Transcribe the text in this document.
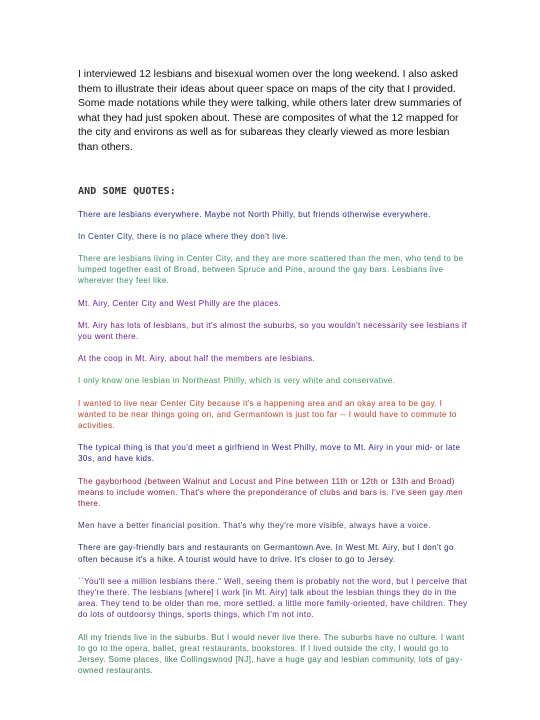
I interviewed 12 lesbians and bisexual women over the long weekend. I also asked them to illustrate their ideas about queer space on maps of the city that I provided. Some made notations while they were talking, while others later drew summaries of what they had just spoken about. These are composites of what the 12 mapped for the city and environs as well as for subareas they clearly viewed as more lesbian than others.

AND SOME QUOTES:

There are lesbians everywhere. Maybe not North Philly, but friends otherwise everywhere.

In Center City, there is no place where they don't live.

There are lesbians living in Center City, and they are more scattered than the men, who tend to be lumped together east of Broad, between Spruce and Pine, around the gay bars. Lesbians live wherever they feel like.

Mt. Airy, Center City and West Philly are the places.

Mt. Airy has lots of lesbians, but it's almost the suburbs, so you wouldn't necessarily see lesbians if you went there.

At the coop in Mt. Airy, about half the members are lesbians.

I only know one lesbian in Northeast Philly, which is very white and conservative.

I wanted to live near Center City because it's a happening area and an okay area to be gay. I wanted to be near things going on, and Germantown is just too far -- I would have to commute to activities.

The typical thing is that you'd meet a girlfriend in West Philly, move to Mt. Airy in your mid- or late 30s, and have kids.

The gayborhood (between Walnut and Locust and Pine between 11th or 12th or 13th and Broad) means to include women. That's where the preponderance of clubs and bars is. I've seen gay men there.

Men have a better financial position. That's why they're more visible, always have a voice.

There are gay-friendly bars and restaurants on Germantown Ave. In West Mt. Airy, but I don't go often because it's a hike. A tourist would have to drive. It's closer to go to Jersey.

``You'll see a million lesbians there.'' Well, seeing them is probably not the word, but I perceive that they're there. The lesbians [where] I work [in Mt. Airy] talk about the lesbian things they do in the area. They tend to be older than me, more settled, a little more family-oriented, have children. They do lots of outdoorsy things, sports things, which I'm not into.

All my friends live in the suburbs. But I would never live there. The suburbs have no culture. I want to go to the opera, ballet, great restaurants, bookstores. If I lived outside the city, I would go to Jersey. Some places, like Collingswood [NJ], have a huge gay and lesbian community, lots of gay-owned restaurants.
